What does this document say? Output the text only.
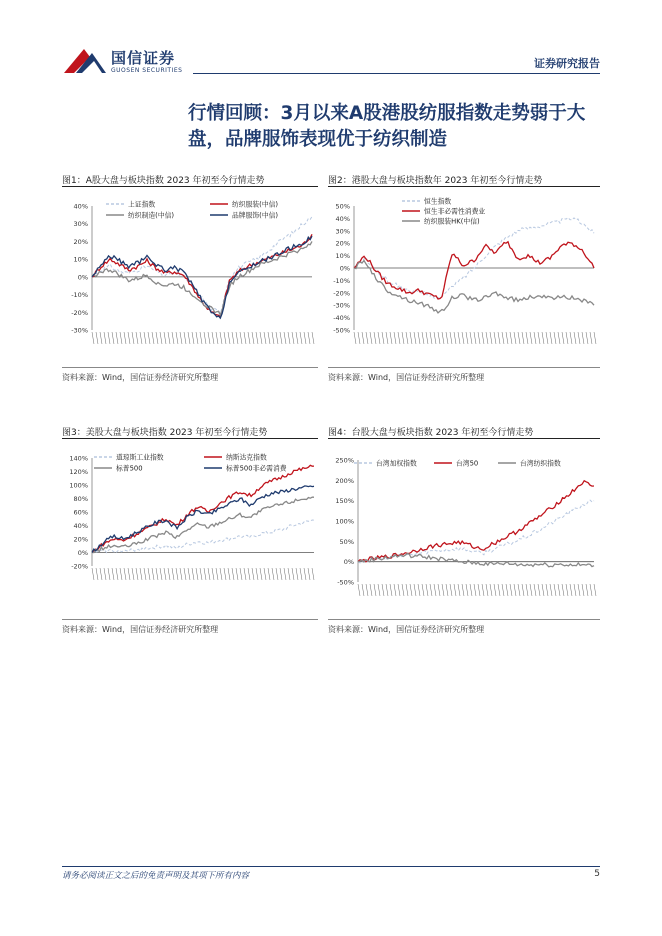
国信证券
GUOSEN SECURITIES
证券研究报告
行情回顾：3月以来A股港股纺服指数走势弱于大盘，品牌服饰表现优于纺织制造
图1：A股大盘与板块指数 2023 年初至今行情走势
40%
30%
20%
10%
0%
-10%
-20%
-30%
上证指数	纺织服装(中信)
纺织制造(中信)	品牌服饰(中信)
资料来源：Wind，国信证券经济研究所整理
图2：港股大盘与板块指数年 2023 年初至今行情走势
50%
40%
30%
20%
10%
0%
-10%
-20%
-30%
-40%
-50%
恒生指数
恒生非必需性消费业
纺织服装HK(中信)
资料来源：Wind，国信证券经济研究所整理
图3：美股大盘与板块指数 2023 年初至今行情走势
140%
120%
100%
80%
60%
40%
20%
0%
-20%
道琼斯工业指数	纳斯达克指数
标普500	标普500非必需消费
资料来源：Wind，国信证券经济研究所整理
图4：台股大盘与板块指数 2023 年初至今行情走势
250%
200%
150%
100%
50%
0%
-50%
台湾加权指数	台湾50	台湾纺织指数
资料来源：Wind，国信证券经济研究所整理
请务必阅读正文之后的免责声明及其项下所有内容	5
